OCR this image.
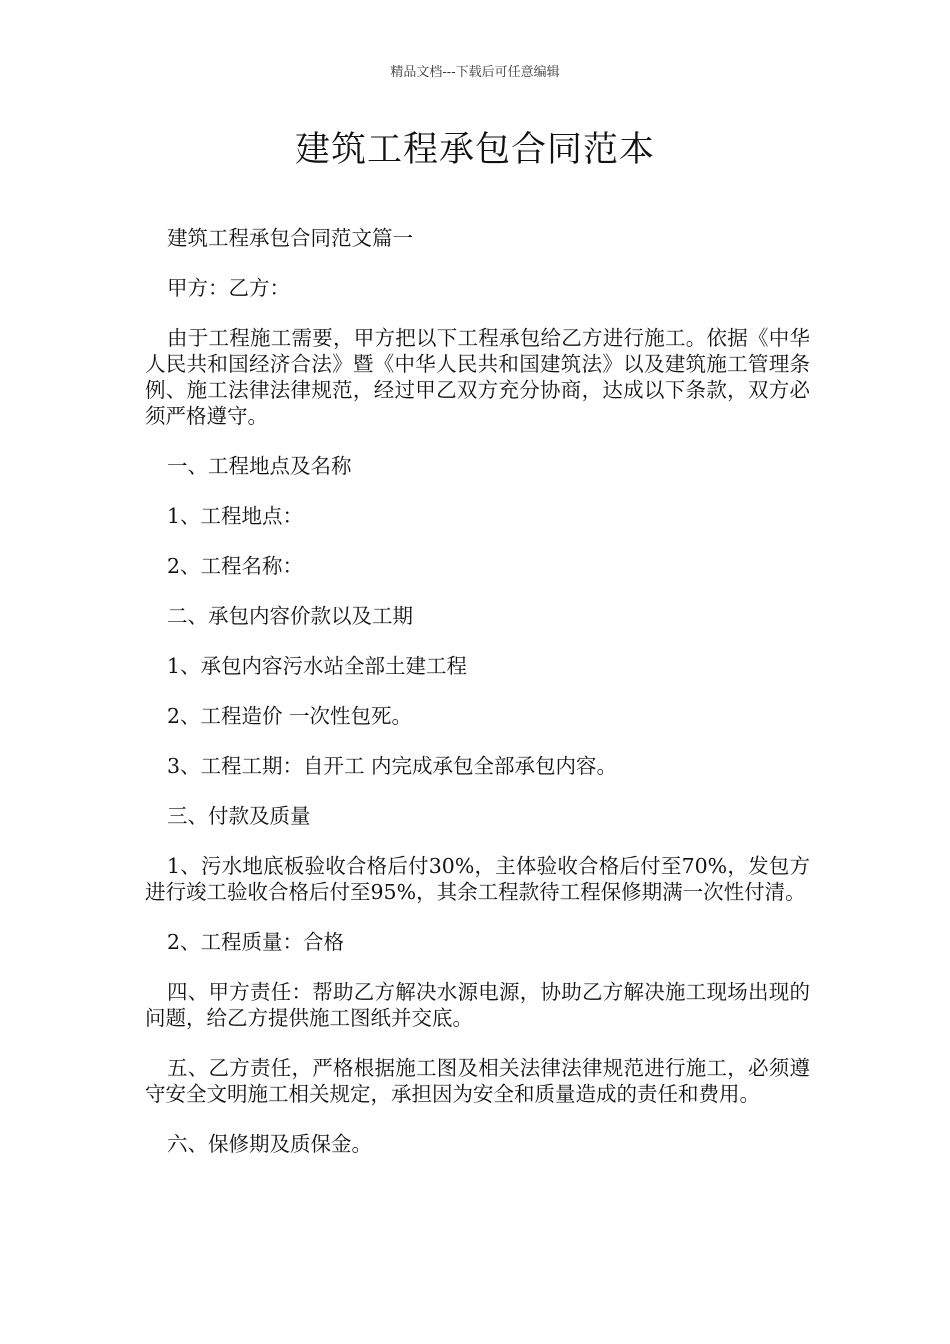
精品文档---下载后可任意编辑
建筑工程承包合同范本

建筑工程承包合同范文篇一

甲方：乙方：

由于工程施工需要，甲方把以下工程承包给乙方进行施工。依据《中华人民共和国经济合法》暨《中华人民共和国建筑法》以及建筑施工管理条例、施工法律法律规范，经过甲乙双方充分协商，达成以下条款，双方必须严格遵守。

一、工程地点及名称

1、工程地点：

2、工程名称：

二、承包内容价款以及工期

1、承包内容污水站全部土建工程

2、工程造价 一次性包死。

3、工程工期：自开工 内完成承包全部承包内容。

三、付款及质量

1、污水地底板验收合格后付30%，主体验收合格后付至70%，发包方进行竣工验收合格后付至95%，其余工程款待工程保修期满一次性付清。

2、工程质量：合格

四、甲方责任：帮助乙方解决水源电源，协助乙方解决施工现场出现的问题，给乙方提供施工图纸并交底。

五、乙方责任，严格根据施工图及相关法律法律规范进行施工，必须遵守安全文明施工相关规定，承担因为安全和质量造成的责任和费用。

六、保修期及质保金。
